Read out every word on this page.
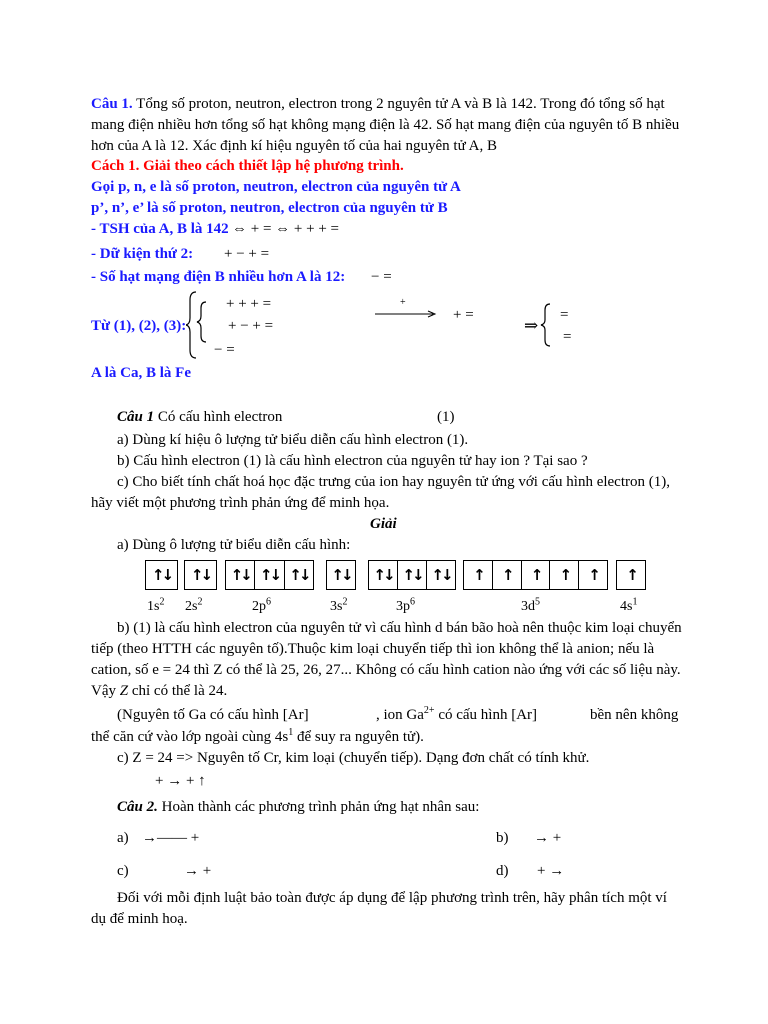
Câu 1. Tổng số proton, neutron, electron trong 2 nguyên tử A và B là 142. Trong đó tổng số hạt
mang điện nhiều hơn tổng số hạt không mạng điện là 42. Số hạt mang điện của nguyên tố B nhiều
hơn của A là 12. Xác định kí hiệu nguyên tố của hai nguyên tử A, B
Cách 1. Giải theo cách thiết lập hệ phương trình.
Gọi p, n, e là số proton, neutron, electron của nguyên tử A
p’, n’, e’ là số proton, neutron, electron của nguyên tử B
- TSH của A, B là 142 ⇔ + = ⇔ + + + =
- Dữ kiện thứ 2: + − + =
- Số hạt mạng điện B nhiều hơn A là 12: − =
Từ (1), (2), (3):
+ + + =
+ − + =
− =
+
+ =
⇒
=
=
A là Ca, B là Fe
Câu 1 Có cấu hình electron	(1)
a) Dùng kí hiệu ô lượng tử biểu diễn cấu hình electron (1).
b) Cấu hình electron (1) là cấu hình electron của nguyên tử hay ion ? Tại sao ?
c) Cho biết tính chất hoá học đặc trưng của ion hay nguyên tử ứng với cấu hình electron (1),
hãy viết một phương trình phản ứng để minh họa.
Giải
a) Dùng ô lượng tử biểu diễn cấu hình:
↑↓	↑↓	↑↓ ↑↓ ↑↓	↑↓ ↑↓ ↑↓ ↑↓	↑	↑	↑	↑	↑	↑
$1s^2$ $2s^2$	$2p^6$	$3s^2$	$3p^6$	$3d^5$	$4s^1$
b) (1) là cấu hình electron của nguyên tử vì cấu hình d bán bão hoà nên thuộc kim loại chuyển
tiếp (theo HTTH các nguyên tố).Thuộc kim loại chuyển tiếp thì ion không thể là anion; nếu là
cation, số e = 24 thì Z có thể là 25, 26, 27... Không có cấu hình cation nào ứng với các số liệu này.
Vậy Z chỉ có thể là 24.
(Nguyên tố Ga có cấu hình [Ar]	, ion $Ga^{2+}$ có cấu hình [Ar]	bền nên không
thể căn cứ vào lớp ngoài cùng $4s^1$ để suy ra nguyên tử).
c) Z = 24 => Nguyên tố Cr, kim loại (chuyển tiếp). Dạng đơn chất có tính khử.
+ → + ↑
Câu 2. Hoàn thành các phương trình phản ứng hạt nhân sau:
a) →—— +	b) → +
c)	→ +	d) + →
Đối với mỗi định luật bảo toàn được áp dụng để lập phương trình trên, hãy phân tích một ví
dụ để minh hoạ.
